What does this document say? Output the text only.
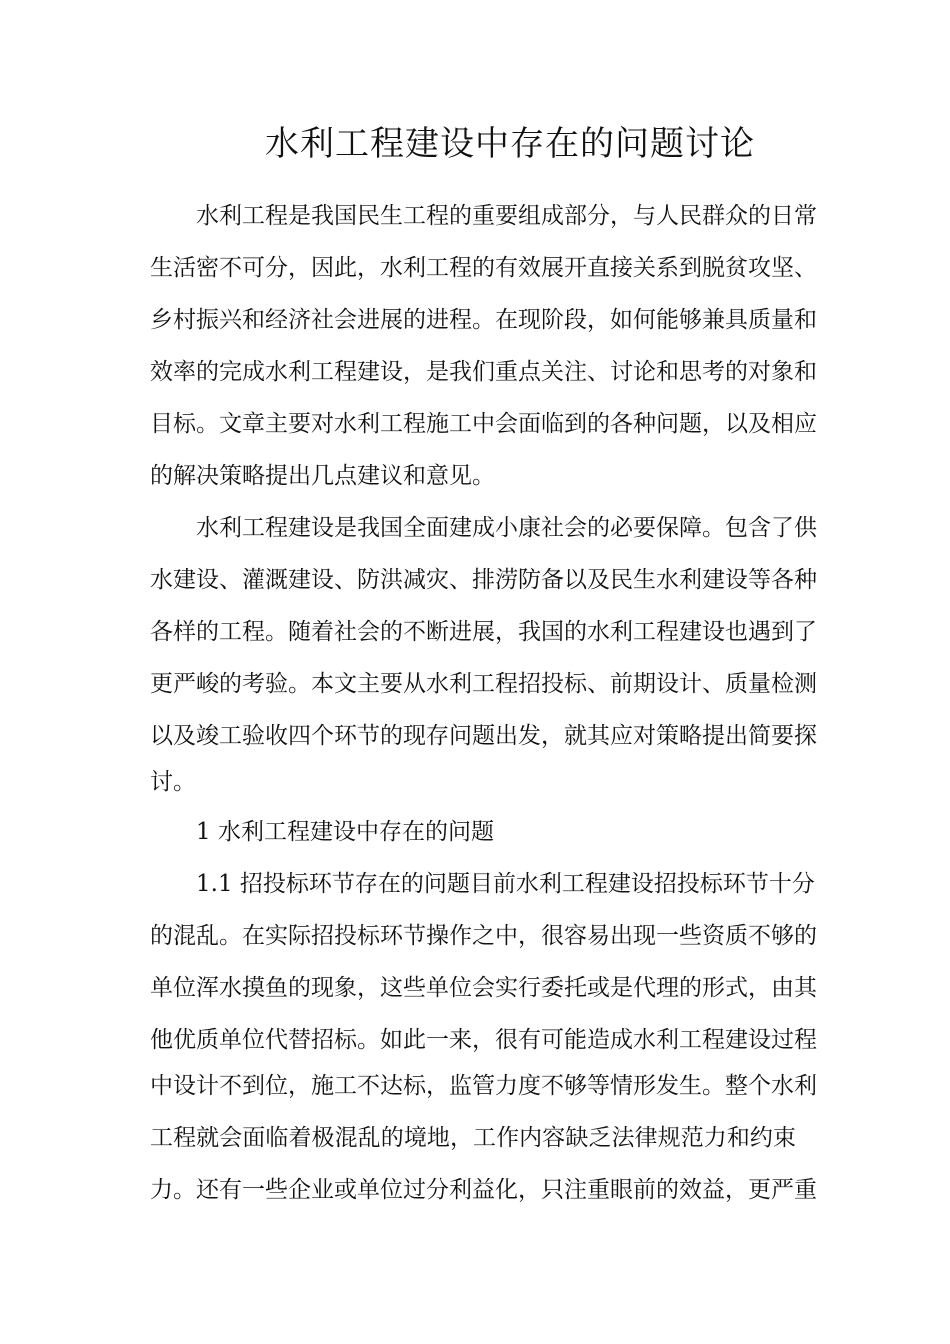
水利工程建设中存在的问题讨论
水利工程是我国民生工程的重要组成部分，与人民群众的日常
生活密不可分，因此，水利工程的有效展开直接关系到脱贫攻坚、
乡村振兴和经济社会进展的进程。在现阶段，如何能够兼具质量和
效率的完成水利工程建设，是我们重点关注、讨论和思考的对象和
目标。文章主要对水利工程施工中会面临到的各种问题，以及相应
的解决策略提出几点建议和意见。
水利工程建设是我国全面建成小康社会的必要保障。包含了供
水建设、灌溉建设、防洪减灾、排涝防备以及民生水利建设等各种
各样的工程。随着社会的不断进展，我国的水利工程建设也遇到了
更严峻的考验。本文主要从水利工程招投标、前期设计、质量检测
以及竣工验收四个环节的现存问题出发，就其应对策略提出简要探
讨。
1 水利工程建设中存在的问题
1.1 招投标环节存在的问题目前水利工程建设招投标环节十分
的混乱。在实际招投标环节操作之中，很容易出现一些资质不够的
单位浑水摸鱼的现象，这些单位会实行委托或是代理的形式，由其
他优质单位代替招标。如此一来，很有可能造成水利工程建设过程
中设计不到位，施工不达标，监管力度不够等情形发生。整个水利
工程就会面临着极混乱的境地，工作内容缺乏法律规范力和约束
力。还有一些企业或单位过分利益化，只注重眼前的效益，更严重
